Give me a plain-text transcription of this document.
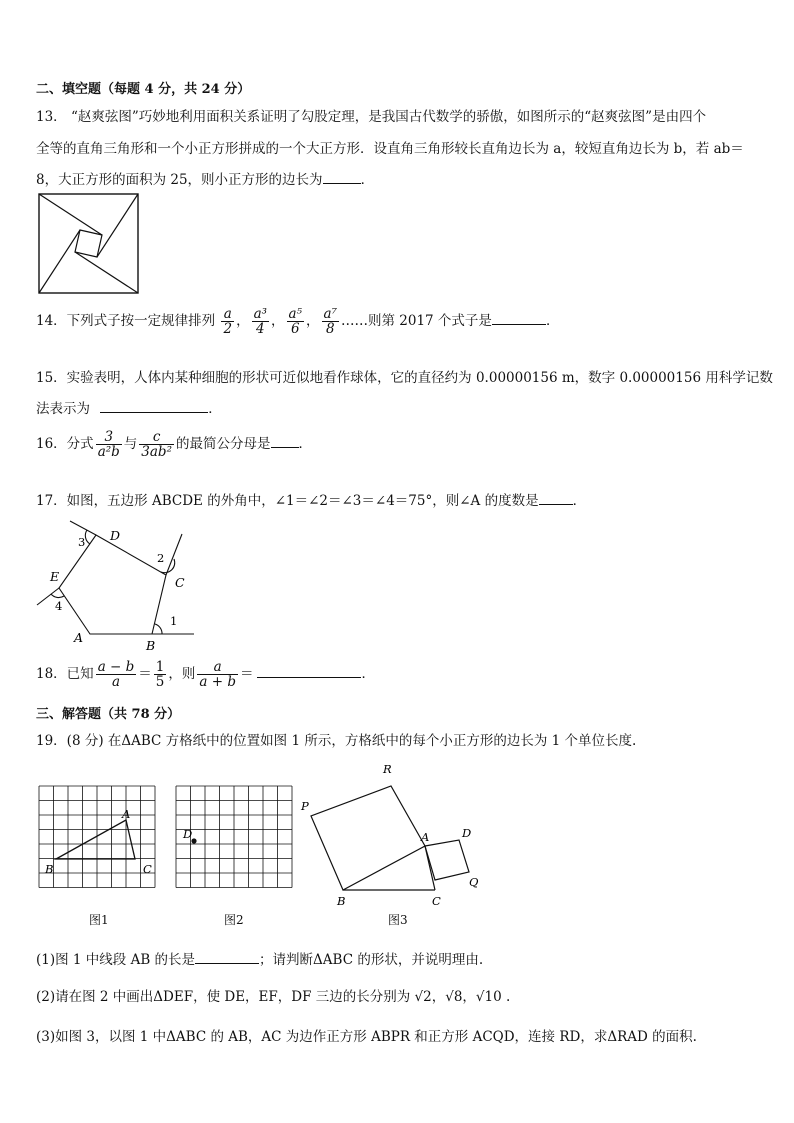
二、填空题（每题 4 分，共 24 分）
13． “赵爽弦图”巧妙地利用面积关系证明了勾股定理，是我国古代数学的骄傲，如图所示的“赵爽弦图”是由四个
全等的直角三角形和一个小正方形拼成的一个大正方形．设直角三角形较长直角边长为 a，较短直角边长为 b，若 ab＝
8，大正方形的面积为 25，则小正方形的边长为	．
14．下列式子按一定规律排列 $\frac{a}{2}$ ， $\frac{\text{a³}}{4}$ ， $\frac{\text{a⁵}}{6}$ ， $\frac{\text{a⁷}}{8}$ ……则第 2017 个式子是	．
15．实验表明，人体内某种细胞的形状可近似地看作球体，它的直径约为 0.00000156 m，数字 0.00000156 用科学记数
法表示为	．
16．分式 $\frac{3}{\text{a²b}}$ 与 $\frac{c}{\text{3ab²}}$ 的最简公分母是 ．
17．如图，五边形 ABCDE 的外角中，∠1＝∠2＝∠3＝∠4＝75°，则∠A 的度数是	．
A
B
C
D
E
1
2
3
4
18．已知 $\frac{a - b}{a} = \frac{1}{5}$ ，则 $\frac{a}{a + b}$ ＝	．
三、解答题（共 78 分）
19．(8 分) 在ΔABC 方格纸中的位置如图 1 所示，方格纸中的每个小正方形的边长为 1 个单位长度.
A
B	C
图1
D
图2
A
B	C
D
P
Q
R
图3
(1)图 1 中线段 AB 的长是	；请判断ΔABC 的形状，并说明理由.
(2)请在图 2 中画出ΔDEF，使 DE，EF，DF 三边的长分别为 √2，√8，√10 .
(3)如图 3，以图 1 中ΔABC 的 AB，AC 为边作正方形 ABPR 和正方形 ACQD，连接 RD，求ΔRAD 的面积.
